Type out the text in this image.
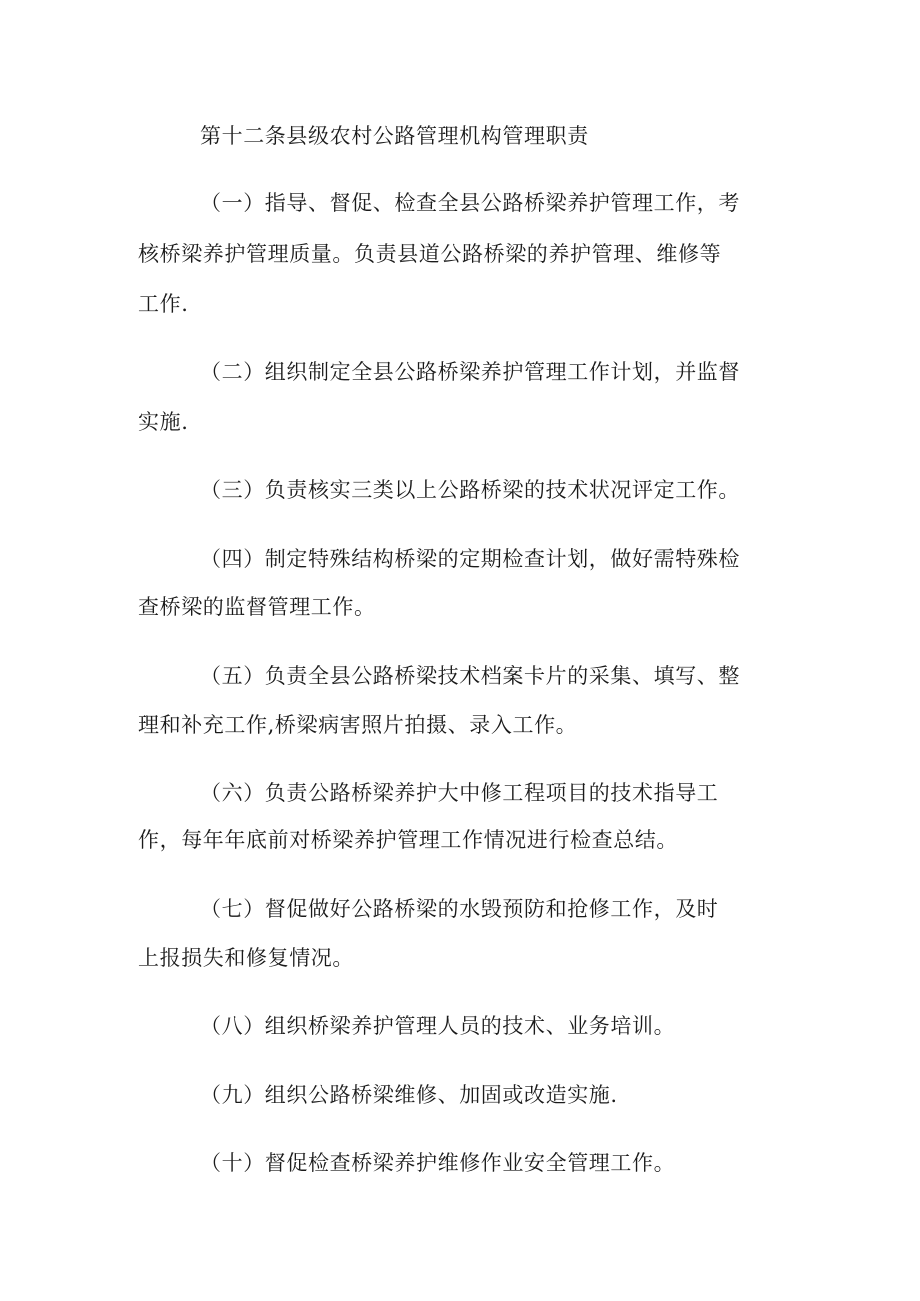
第十二条县级农村公路管理机构管理职责
（一）指导、督促、检查全县公路桥梁养护管理工作，考
核桥梁养护管理质量。负责县道公路桥梁的养护管理、维修等
工作.
（二）组织制定全县公路桥梁养护管理工作计划，并监督
实施.
（三）负责核实三类以上公路桥梁的技术状况评定工作。
（四）制定特殊结构桥梁的定期检查计划，做好需特殊检
查桥梁的监督管理工作。
（五）负责全县公路桥梁技术档案卡片的采集、填写、整
理和补充工作,桥梁病害照片拍摄、录入工作。
（六）负责公路桥梁养护大中修工程项目的技术指导工
作，每年年底前对桥梁养护管理工作情况进行检查总结。
（七）督促做好公路桥梁的水毁预防和抢修工作，及时
上报损失和修复情况。
（八）组织桥梁养护管理人员的技术、业务培训。
（九）组织公路桥梁维修、加固或改造实施.
（十）督促检查桥梁养护维修作业安全管理工作。
